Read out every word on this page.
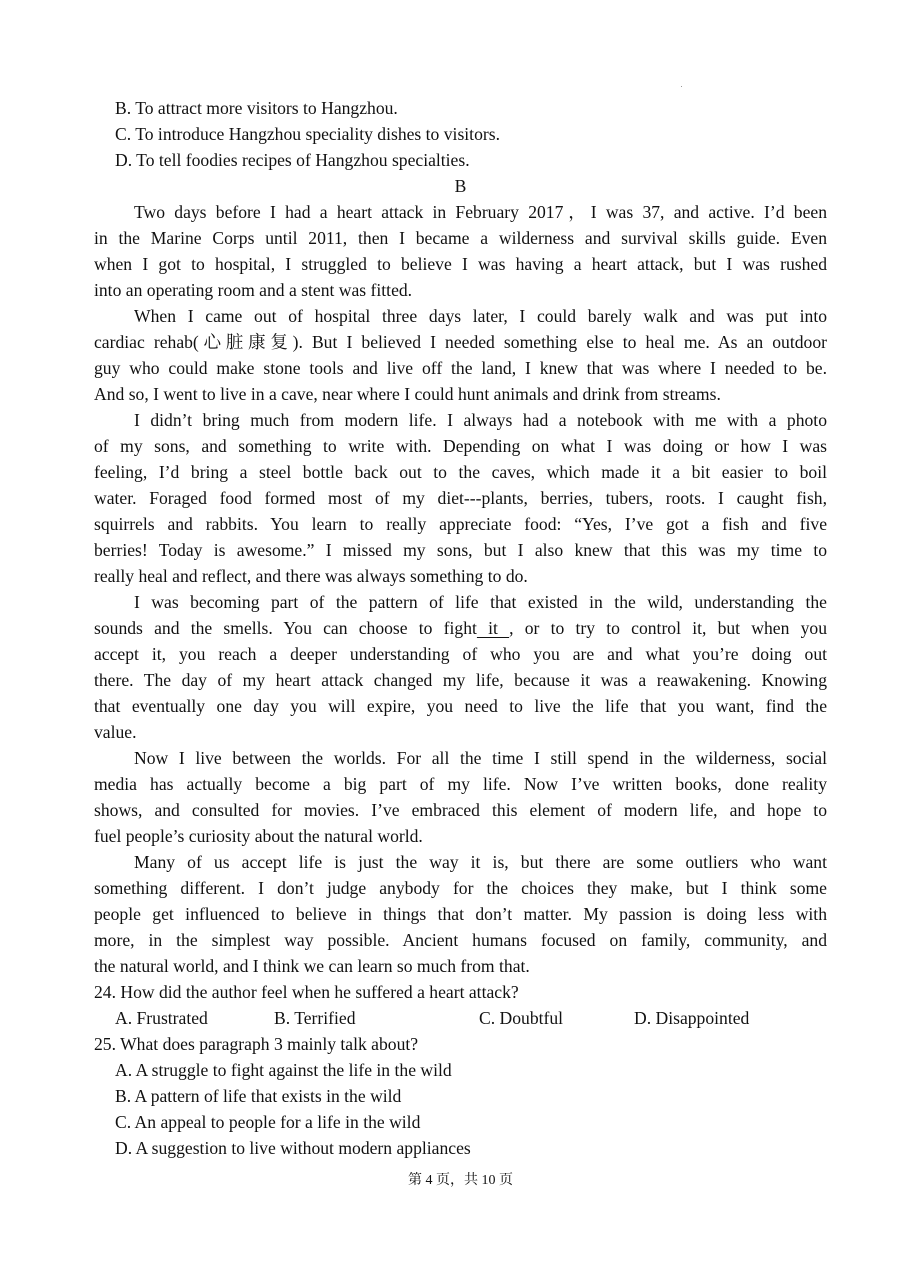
B. To attract more visitors to Hangzhou.
C. To introduce Hangzhou speciality dishes to visitors.
D. To tell foodies recipes of Hangzhou specialties.
B
Two days before I had a heart attack in February 2017，I was 37, and active. I’d been
in the Marine Corps until 2011, then I became a wilderness and survival skills guide. Even
when I got to hospital, I struggled to believe I was having a heart attack, but I was rushed
into an operating room and a stent was fitted.
When I came out of hospital three days later, I could barely walk and was put into
cardiac rehab(心脏康复). But I believed I needed something else to heal me. As an outdoor
guy who could make stone tools and live off the land, I knew that was where I needed to be.
And so, I went to live in a cave, near where I could hunt animals and drink from streams.
I didn’t bring much from modern life. I always had a notebook with me with a photo
of my sons, and something to write with. Depending on what I was doing or how I was
feeling, I’d bring a steel bottle back out to the caves, which made it a bit easier to boil
water. Foraged food formed most of my diet---plants, berries, tubers, roots. I caught fish,
squirrels and rabbits. You learn to really appreciate food: “Yes, I’ve got a fish and five
berries! Today is awesome.” I missed my sons, but I also knew that this was my time to
really heal and reflect, and there was always something to do.
I was becoming part of the pattern of life that existed in the wild, understanding the
sounds and the smells. You can choose to fight it , or to try to control it, but when you
accept it, you reach a deeper understanding of who you are and what you’re doing out
there. The day of my heart attack changed my life, because it was a reawakening. Knowing
that eventually one day you will expire, you need to live the life that you want, find the
value.
Now I live between the worlds. For all the time I still spend in the wilderness, social
media has actually become a big part of my life. Now I’ve written books, done reality
shows, and consulted for movies. I’ve embraced this element of modern life, and hope to
fuel people’s curiosity about the natural world.
Many of us accept life is just the way it is, but there are some outliers who want
something different. I don’t judge anybody for the choices they make, but I think some
people get influenced to believe in things that don’t matter. My passion is doing less with
more, in the simplest way possible. Ancient humans focused on family, community, and
the natural world, and I think we can learn so much from that.
24. How did the author feel when he suffered a heart attack?
A. Frustrated	B. Terrified	C. Doubtful	D. Disappointed
25. What does paragraph 3 mainly talk about?
A. A struggle to fight against the life in the wild
B. A pattern of life that exists in the wild
C. An appeal to people for a life in the wild
D. A suggestion to live without modern appliances
第 4 页，共 10 页
